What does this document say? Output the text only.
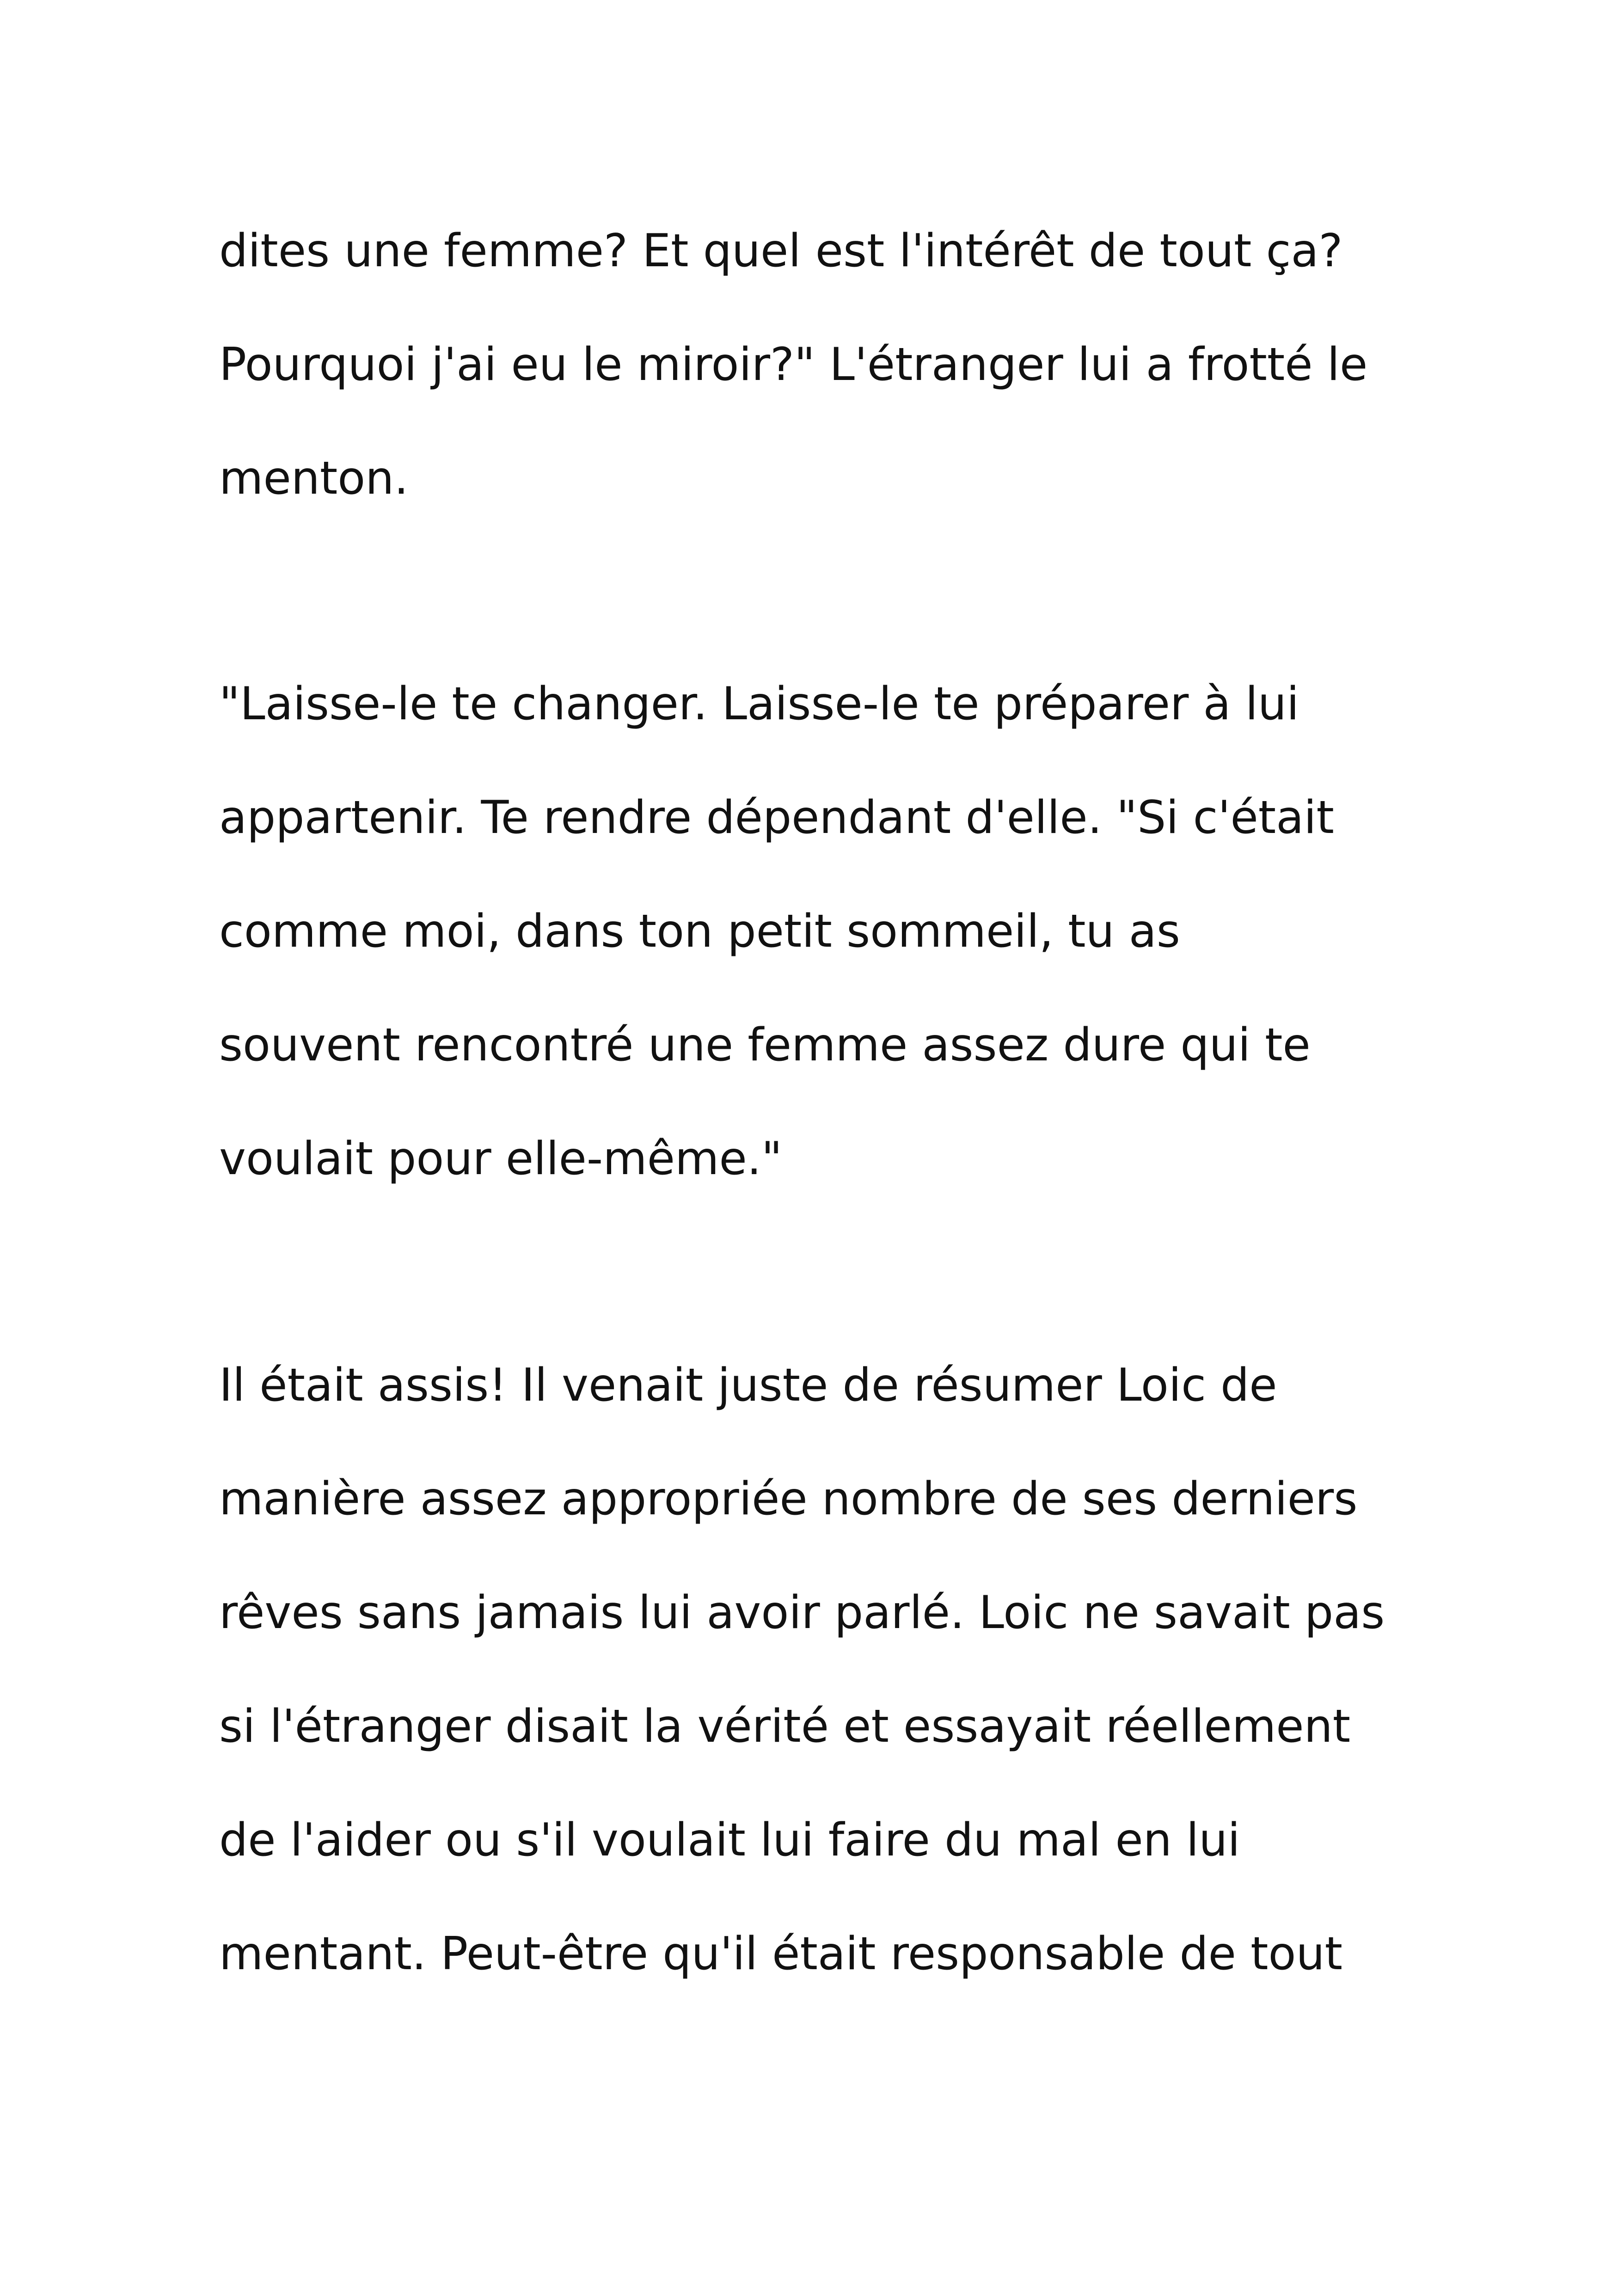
dites une femme? Et quel est l'intérêt de tout ça?
Pourquoi j'ai eu le miroir?" L'étranger lui a frotté le
menton.
"Laisse-le te changer. Laisse-le te préparer à lui
appartenir. Te rendre dépendant d'elle. "Si c'était
comme moi, dans ton petit sommeil, tu as
souvent rencontré une femme assez dure qui te
voulait pour elle-même."
Il était assis! Il venait juste de résumer Loic de
manière assez appropriée nombre de ses derniers
rêves sans jamais lui avoir parlé. Loic ne savait pas
si l'étranger disait la vérité et essayait réellement
de l'aider ou s'il voulait lui faire du mal en lui
mentant. Peut-être qu'il était responsable de tout
